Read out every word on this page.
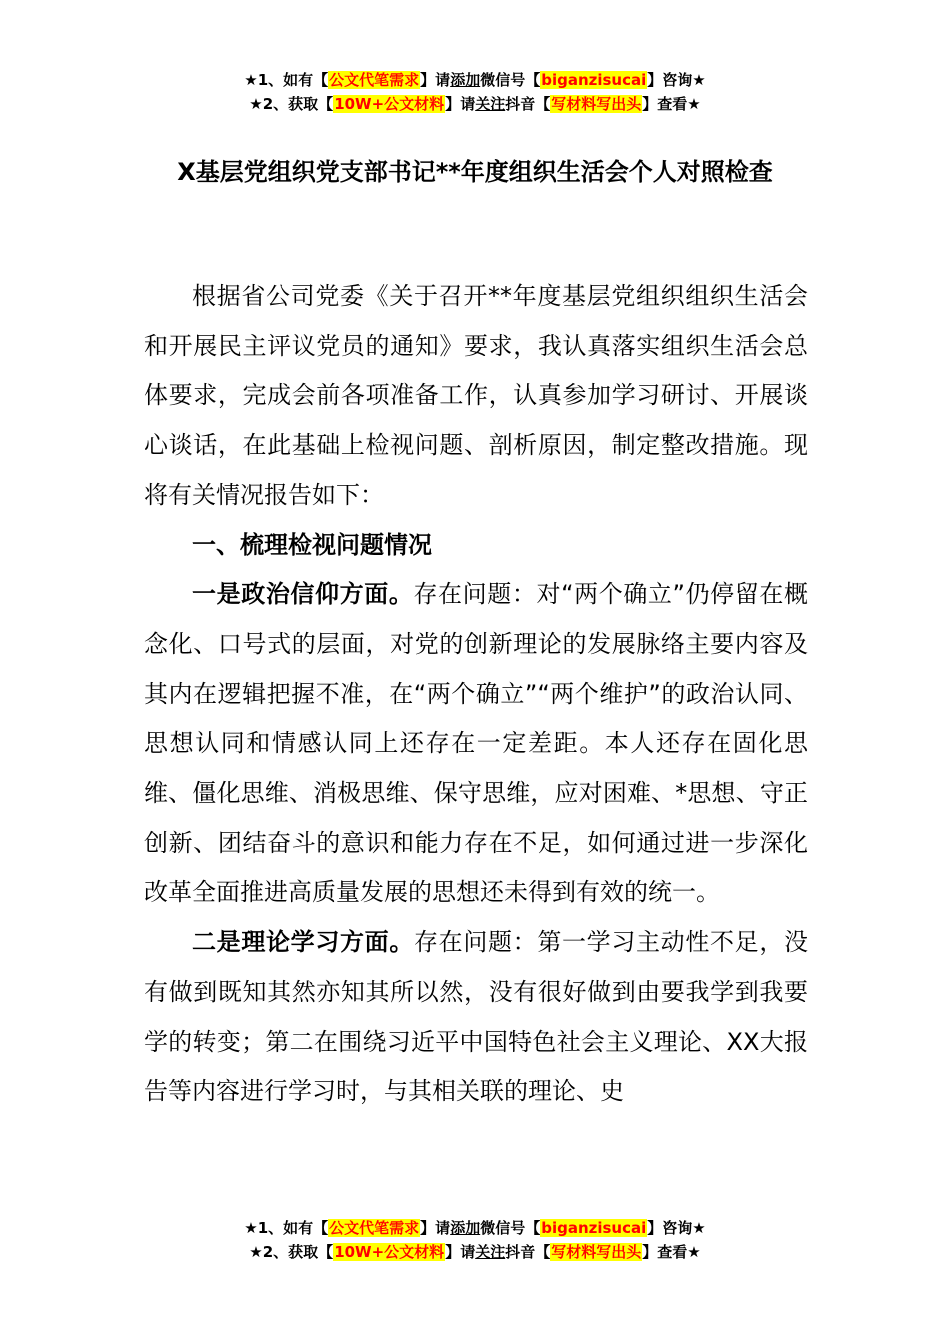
★1、如有【公文代笔需求】请添加微信号【biganzisucai】咨询★
★2、获取【10W+公文材料】请关注抖音【写材料写出头】查看★
X基层党组织党支部书记**年度组织生活会个人对照检查

根据省公司党委《关于召开**年度基层党组织组织生活会和开展民主评议党员的通知》要求，我认真落实组织生活会总体要求，完成会前各项准备工作，认真参加学习研讨、开展谈心谈话，在此基础上检视问题、剖析原因，制定整改措施。现将有关情况报告如下：

一、梳理检视问题情况

一是政治信仰方面。存在问题：对“两个确立”仍停留在概念化、口号式的层面，对党的创新理论的发展脉络主要内容及其内在逻辑把握不准，在“两个确立”“两个维护”的政治认同、思想认同和情感认同上还存在一定差距。本人还存在固化思维、僵化思维、消极思维、保守思维，应对困难、*思想、守正创新、团结奋斗的意识和能力存在不足，如何通过进一步深化改革全面推进高质量发展的思想还未得到有效的统一。

二是理论学习方面。存在问题：第一学习主动性不足，没有做到既知其然亦知其所以然，没有很好做到由要我学到我要学的转变；第二在围绕习近平中国特色社会主义理论、XX大报告等内容进行学习时，与其相关联的理论、史

★1、如有【公文代笔需求】请添加微信号【biganzisucai】咨询★
★2、获取【10W+公文材料】请关注抖音【写材料写出头】查看★
